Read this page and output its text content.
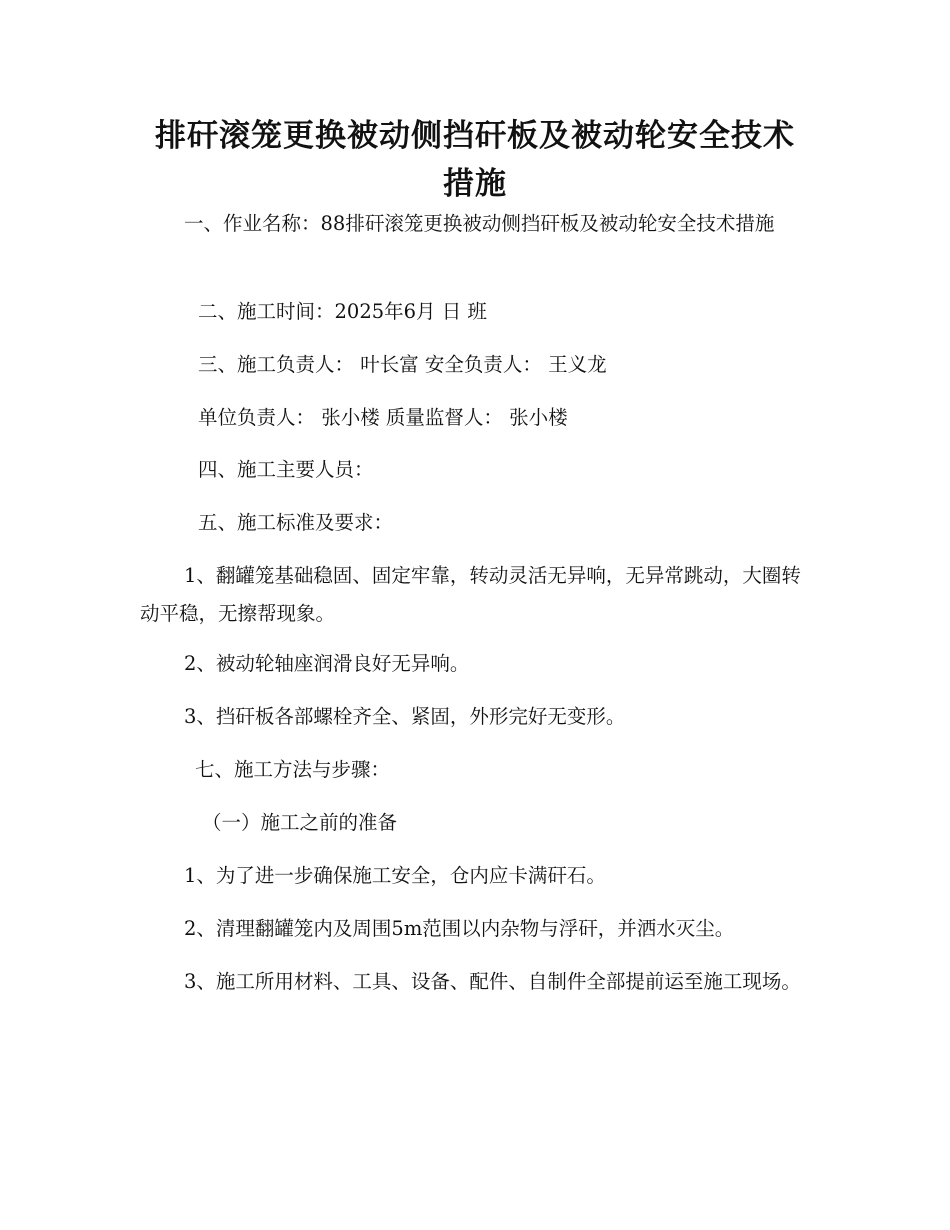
排矸滚笼更换被动侧挡矸板及被动轮安全技术措施

一、作业名称：88排矸滚笼更换被动侧挡矸板及被动轮安全技术措施

二、施工时间：2025年6月 日 班

三、施工负责人： 叶长富 安全负责人： 王义龙

单位负责人： 张小楼 质量监督人： 张小楼

四、施工主要人员：

五、施工标准及要求：

1、翻罐笼基础稳固、固定牢靠，转动灵活无异响，无异常跳动，大圈转动平稳，无擦帮现象。

2、被动轮轴座润滑良好无异响。

3、挡矸板各部螺栓齐全、紧固，外形完好无变形。

七、施工方法与步骤：

（一）施工之前的准备

1、为了进一步确保施工安全，仓内应卡满矸石。

2、清理翻罐笼内及周围5m范围以内杂物与浮矸，并洒水灭尘。

3、施工所用材料、工具、设备、配件、自制件全部提前运至施工现场。
